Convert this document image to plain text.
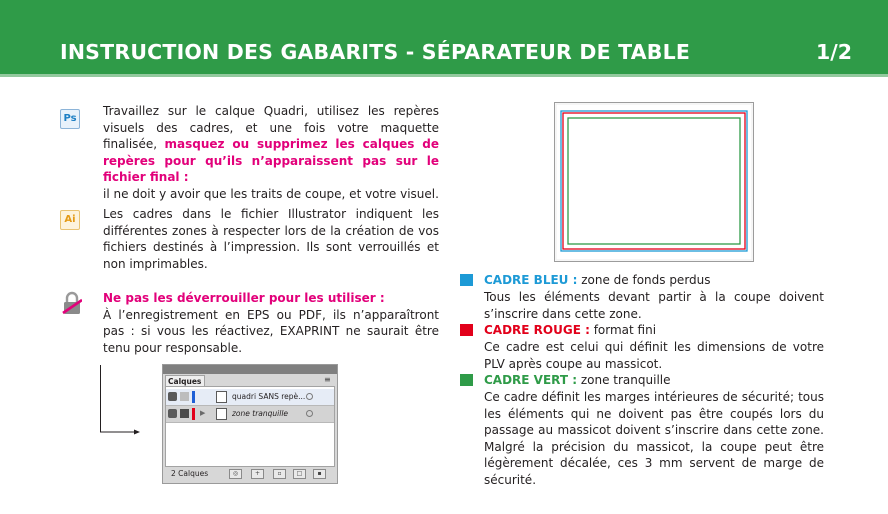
INSTRUCTION DES GABARITS - SÉPARATEUR DE TABLE	1/2
Ps
Travaillez sur le calque Quadri, utilisez les repères visuels des cadres, et une fois votre maquette finalisée, masquez ou supprimez les calques de repères pour qu’ils n’apparaissent pas sur le fichier final :
il ne doit y avoir que les traits de coupe, et votre visuel.
Ai	Les cadres dans le fichier Illustrator indiquent les différentes zones à respecter lors de la création de vos fichiers destinés à l’impression. Ils sont verrouillés et non imprimables.
Ne pas les déverrouiller pour les utiliser :
À l’enregistrement en EPS ou PDF, ils n’apparaîtront pas : si vous les réactivez, EXAPRINT ne saurait être tenu pour responsable.
Calques	≡
quadri SANS repè...
▶	zone tranquille
2 Calques	◎	+	▫	□	▪
CADRE BLEU : zone de fonds perdus
Tous les éléments devant partir à la coupe doivent s’inscrire dans cette zone.
CADRE ROUGE : format fini
Ce cadre est celui qui définit les dimensions de votre PLV après coupe au massicot.
CADRE VERT : zone tranquille
Ce cadre définit les marges intérieures de sécurité; tous les éléments qui ne doivent pas être coupés lors du passage au massicot doivent s’inscrire dans cette zone. Malgré la précision du massicot, la coupe peut être légèrement décalée, ces 3 mm servent de marge de sécurité.
